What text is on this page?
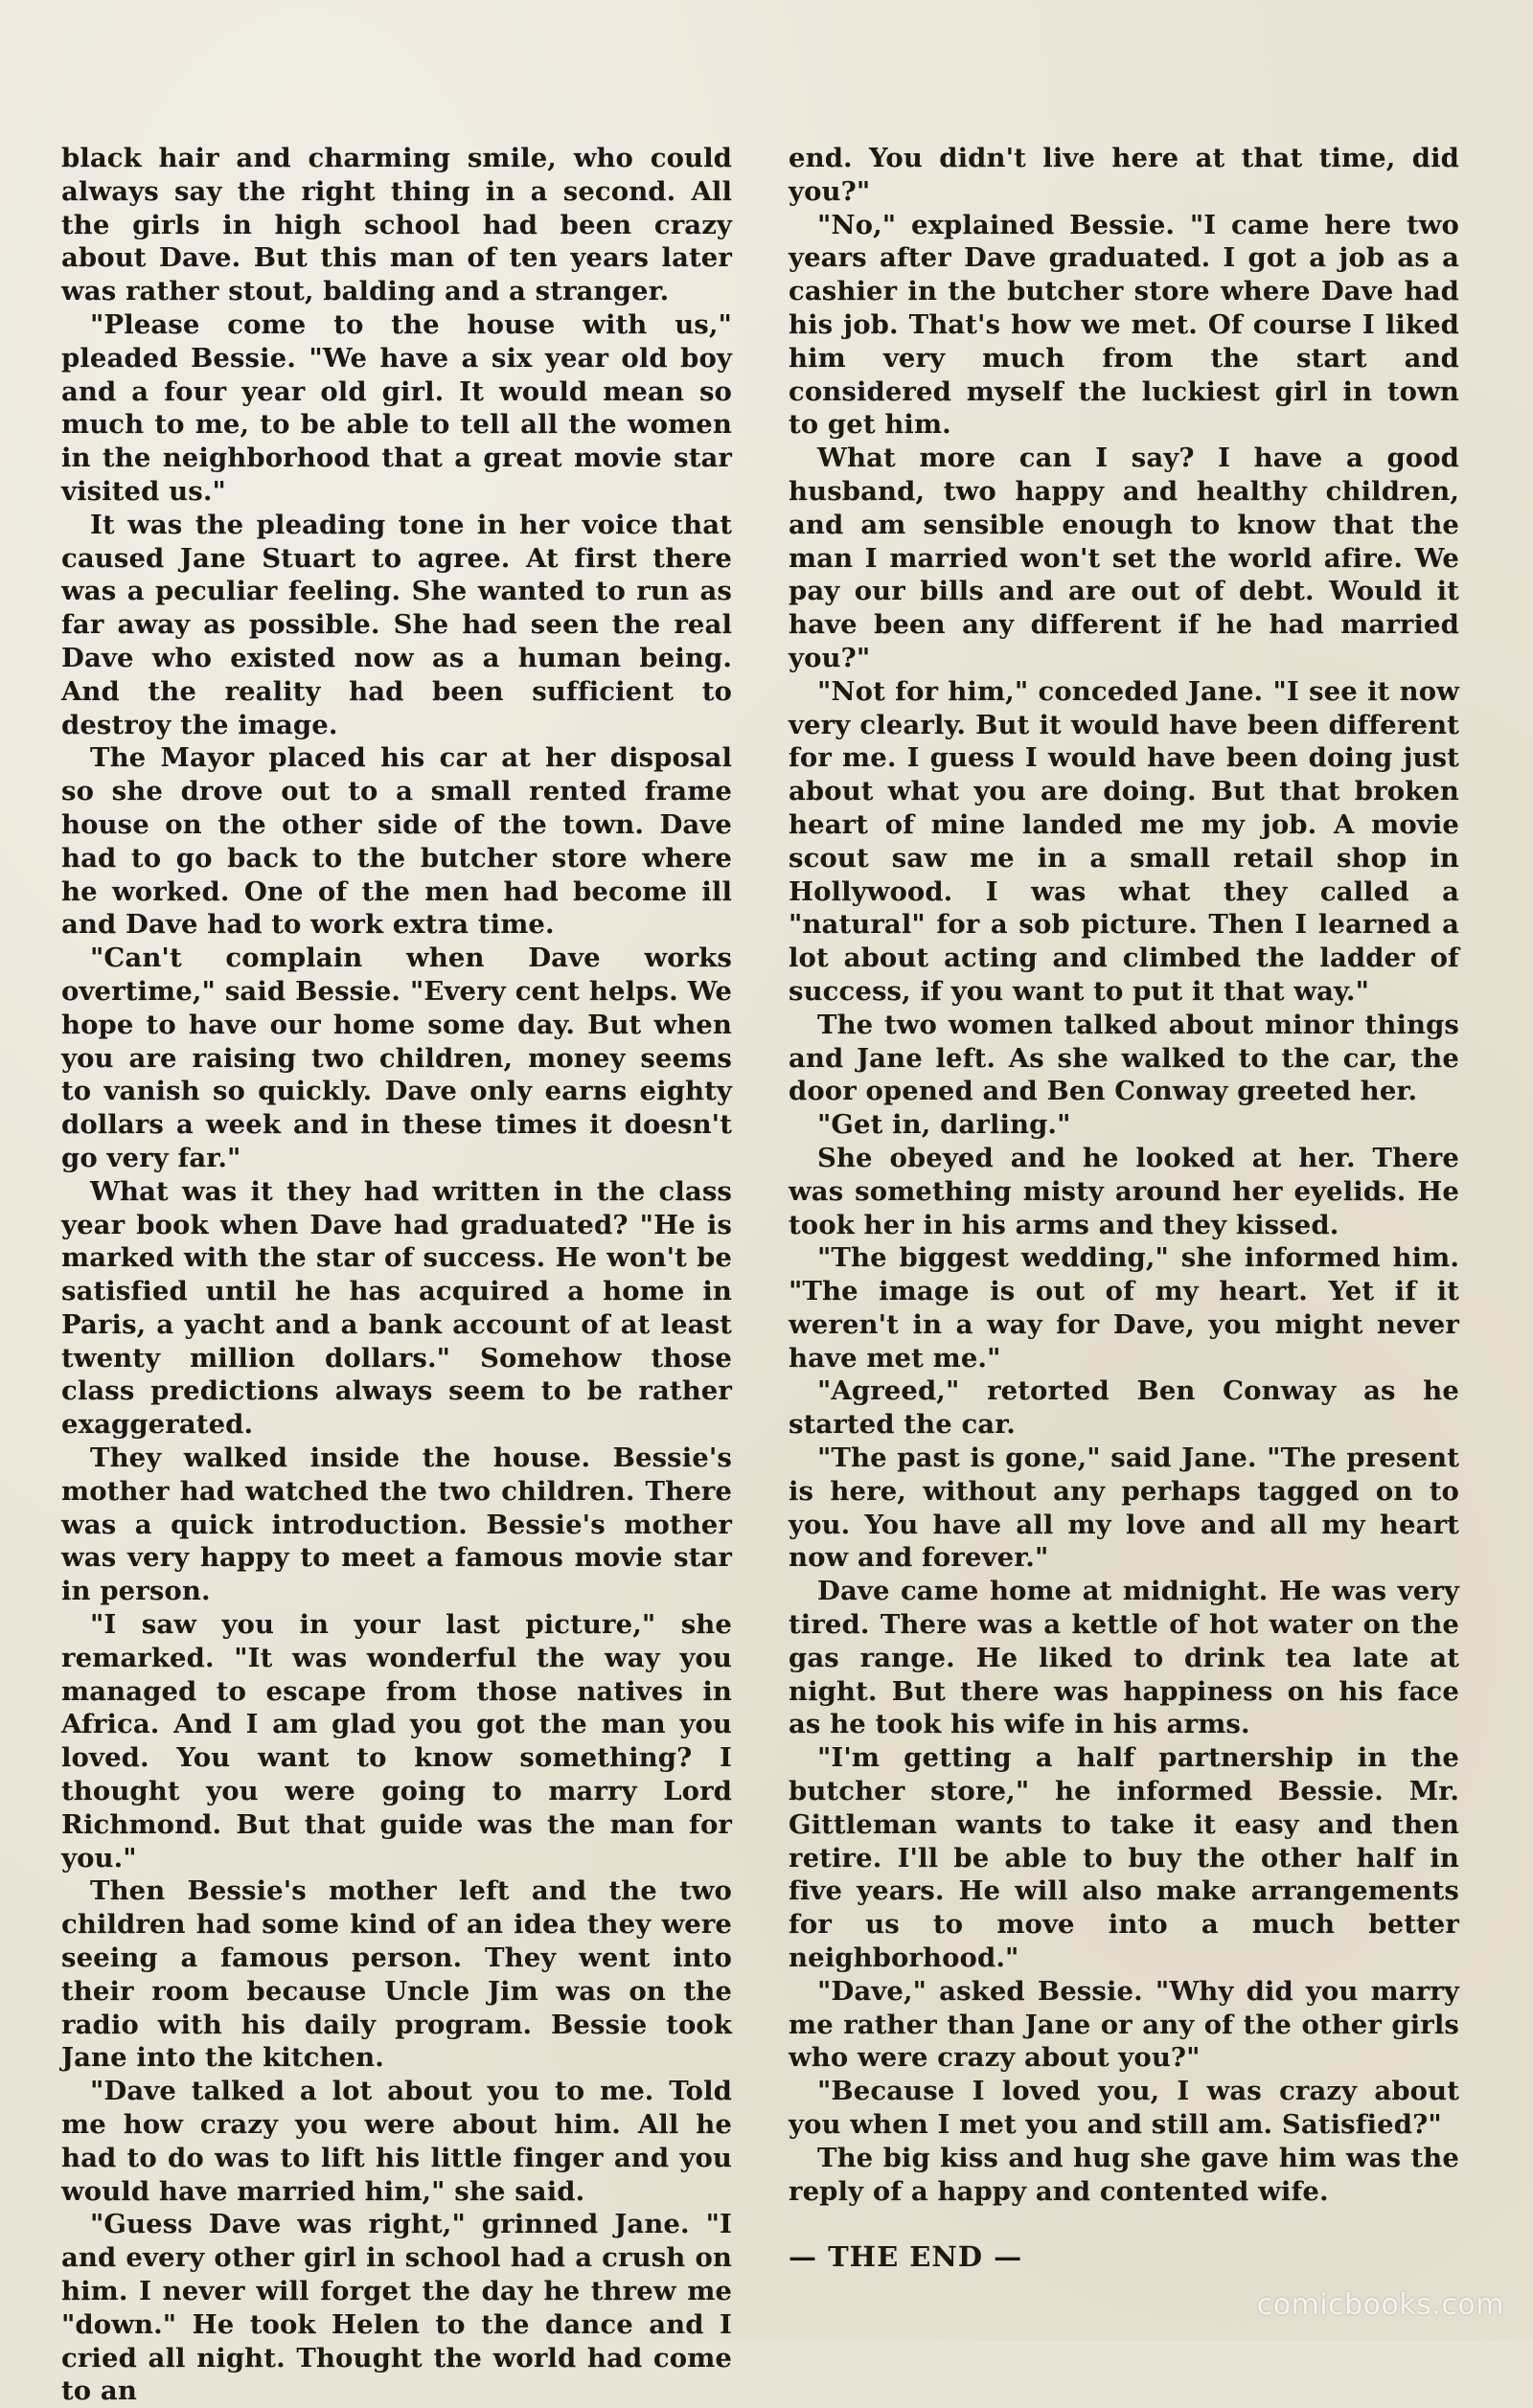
black hair and charming smile, who could always say the right thing in a second. All the girls in high school had been crazy about Dave. But this man of ten years later was rather stout, balding and a stranger.

"Please come to the house with us," pleaded Bessie. "We have a six year old boy and a four year old girl. It would mean so much to me, to be able to tell all the women in the neighborhood that a great movie star visited us."

It was the pleading tone in her voice that caused Jane Stuart to agree. At first there was a peculiar feeling. She wanted to run as far away as possible. She had seen the real Dave who existed now as a human being. And the reality had been sufficient to destroy the image.

The Mayor placed his car at her disposal so she drove out to a small rented frame house on the other side of the town. Dave had to go back to the butcher store where he worked. One of the men had become ill and Dave had to work extra time.

"Can't complain when Dave works overtime," said Bessie. "Every cent helps. We hope to have our home some day. But when you are raising two children, money seems to vanish so quickly. Dave only earns eighty dollars a week and in these times it doesn't go very far."

What was it they had written in the class year book when Dave had graduated? "He is marked with the star of success. He won't be satisfied until he has acquired a home in Paris, a yacht and a bank account of at least twenty million dollars." Somehow those class predictions always seem to be rather exaggerated.

They walked inside the house. Bessie's mother had watched the two children. There was a quick introduction. Bessie's mother was very happy to meet a famous movie star in person.

"I saw you in your last picture," she remarked. "It was wonderful the way you managed to escape from those natives in Africa. And I am glad you got the man you loved. You want to know something? I thought you were going to marry Lord Richmond. But that guide was the man for you."

Then Bessie's mother left and the two children had some kind of an idea they were seeing a famous person. They went into their room because Uncle Jim was on the radio with his daily program. Bessie took Jane into the kitchen.

"Dave talked a lot about you to me. Told me how crazy you were about him. All he had to do was to lift his little finger and you would have married him," she said.

"Guess Dave was right," grinned Jane. "I and every other girl in school had a crush on him. I never will forget the day he threw me "down." He took Helen to the dance and I cried all night. Thought the world had come to an

end. You didn't live here at that time, did you?"

"No," explained Bessie. "I came here two years after Dave graduated. I got a job as a cashier in the butcher store where Dave had his job. That's how we met. Of course I liked him very much from the start and considered myself the luckiest girl in town to get him.

What more can I say? I have a good husband, two happy and healthy children, and am sensible enough to know that the man I married won't set the world afire. We pay our bills and are out of debt. Would it have been any different if he had married you?"

"Not for him," conceded Jane. "I see it now very clearly. But it would have been different for me. I guess I would have been doing just about what you are doing. But that broken heart of mine landed me my job. A movie scout saw me in a small retail shop in Hollywood. I was what they called a "natural" for a sob picture. Then I learned a lot about acting and climbed the ladder of success, if you want to put it that way."

The two women talked about minor things and Jane left. As she walked to the car, the door opened and Ben Conway greeted her.

"Get in, darling."

She obeyed and he looked at her. There was something misty around her eyelids. He took her in his arms and they kissed.

"The biggest wedding," she informed him. "The image is out of my heart. Yet if it weren't in a way for Dave, you might never have met me."

"Agreed," retorted Ben Conway as he started the car.

"The past is gone," said Jane. "The present is here, without any perhaps tagged on to you. You have all my love and all my heart now and forever."

Dave came home at midnight. He was very tired. There was a kettle of hot water on the gas range. He liked to drink tea late at night. But there was happiness on his face as he took his wife in his arms.

"I'm getting a half partnership in the butcher store," he informed Bessie. Mr. Gittleman wants to take it easy and then retire. I'll be able to buy the other half in five years. He will also make arrangements for us to move into a much better neighborhood."

"Dave," asked Bessie. "Why did you marry me rather than Jane or any of the other girls who were crazy about you?"

"Because I loved you, I was crazy about you when I met you and still am. Satisfied?"

The big kiss and hug she gave him was the reply of a happy and contented wife.

— THE END —

comicbooks.com
